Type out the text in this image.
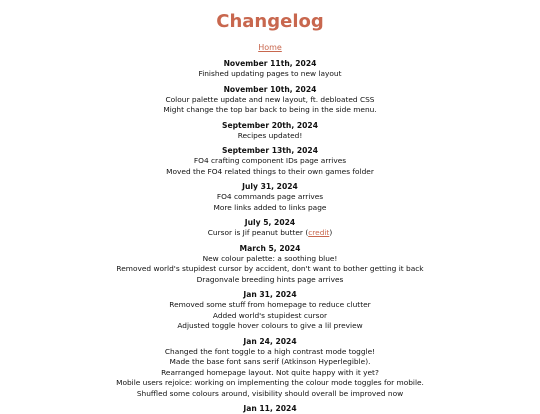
Changelog
Home

November 11th, 2024

Finished updating pages to new layout

November 10th, 2024

Colour palette update and new layout, ft. debloated CSS

Might change the top bar back to being in the side menu.

September 20th, 2024

Recipes updated!

September 13th, 2024

FO4 crafting component IDs page arrives

Moved the FO4 related things to their own games folder

July 31, 2024

FO4 commands page arrives

More links added to links page

July 5, 2024

Cursor is Jif peanut butter (credit)

March 5, 2024

New colour palette: a soothing blue!

Removed world's stupidest cursor by accident, don't want to bother getting it back

Dragonvale breeding hints page arrives

Jan 31, 2024

Removed some stuff from homepage to reduce clutter

Added world's stupidest cursor

Adjusted toggle hover colours to give a lil preview

Jan 24, 2024

Changed the font toggle to a high contrast mode toggle!

Made the base font sans serif (Atkinson Hyperlegible).

Rearranged homepage layout. Not quite happy with it yet?

Mobile users rejoice: working on implementing the colour mode toggles for mobile.

Shuffled some colours around, visibility should overall be improved now

Jan 11, 2024
